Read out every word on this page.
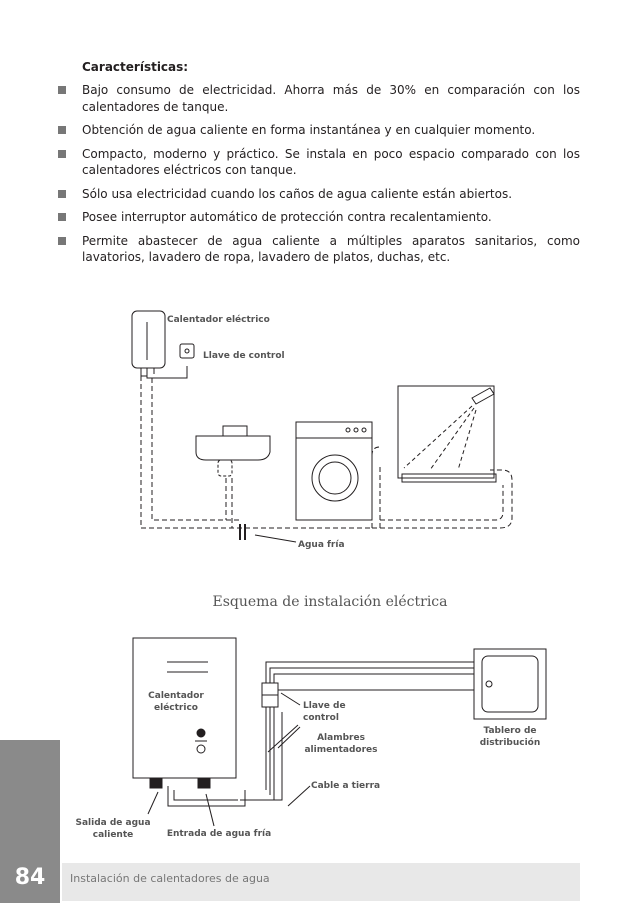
Características:
Bajo consumo de electricidad. Ahorra más de 30% en comparación con los calentadores de tanque.
Obtención de agua caliente en forma instantánea y en cualquier momento.
Compacto, moderno y práctico. Se instala en poco espacio comparado con los calentadores eléctricos con tanque.
Sólo usa electricidad cuando los caños de agua caliente están abiertos.
Posee interruptor automático de protección contra recalentamiento.
Permite abastecer de agua caliente a múltiples aparatos sanitarios, como lavatorios, lavadero de ropa, lavadero de platos, duchas, etc.
Calentador eléctrico
Llave de control
Agua fría
Esquema de instalación eléctrica
Calentador
eléctrico	Llave de
control
Alambres
alimentadores
Tablero de
distribución
Cable a tierra
Salida de agua
caliente	Entrada de agua fría
84	Instalación de calentadores de agua
